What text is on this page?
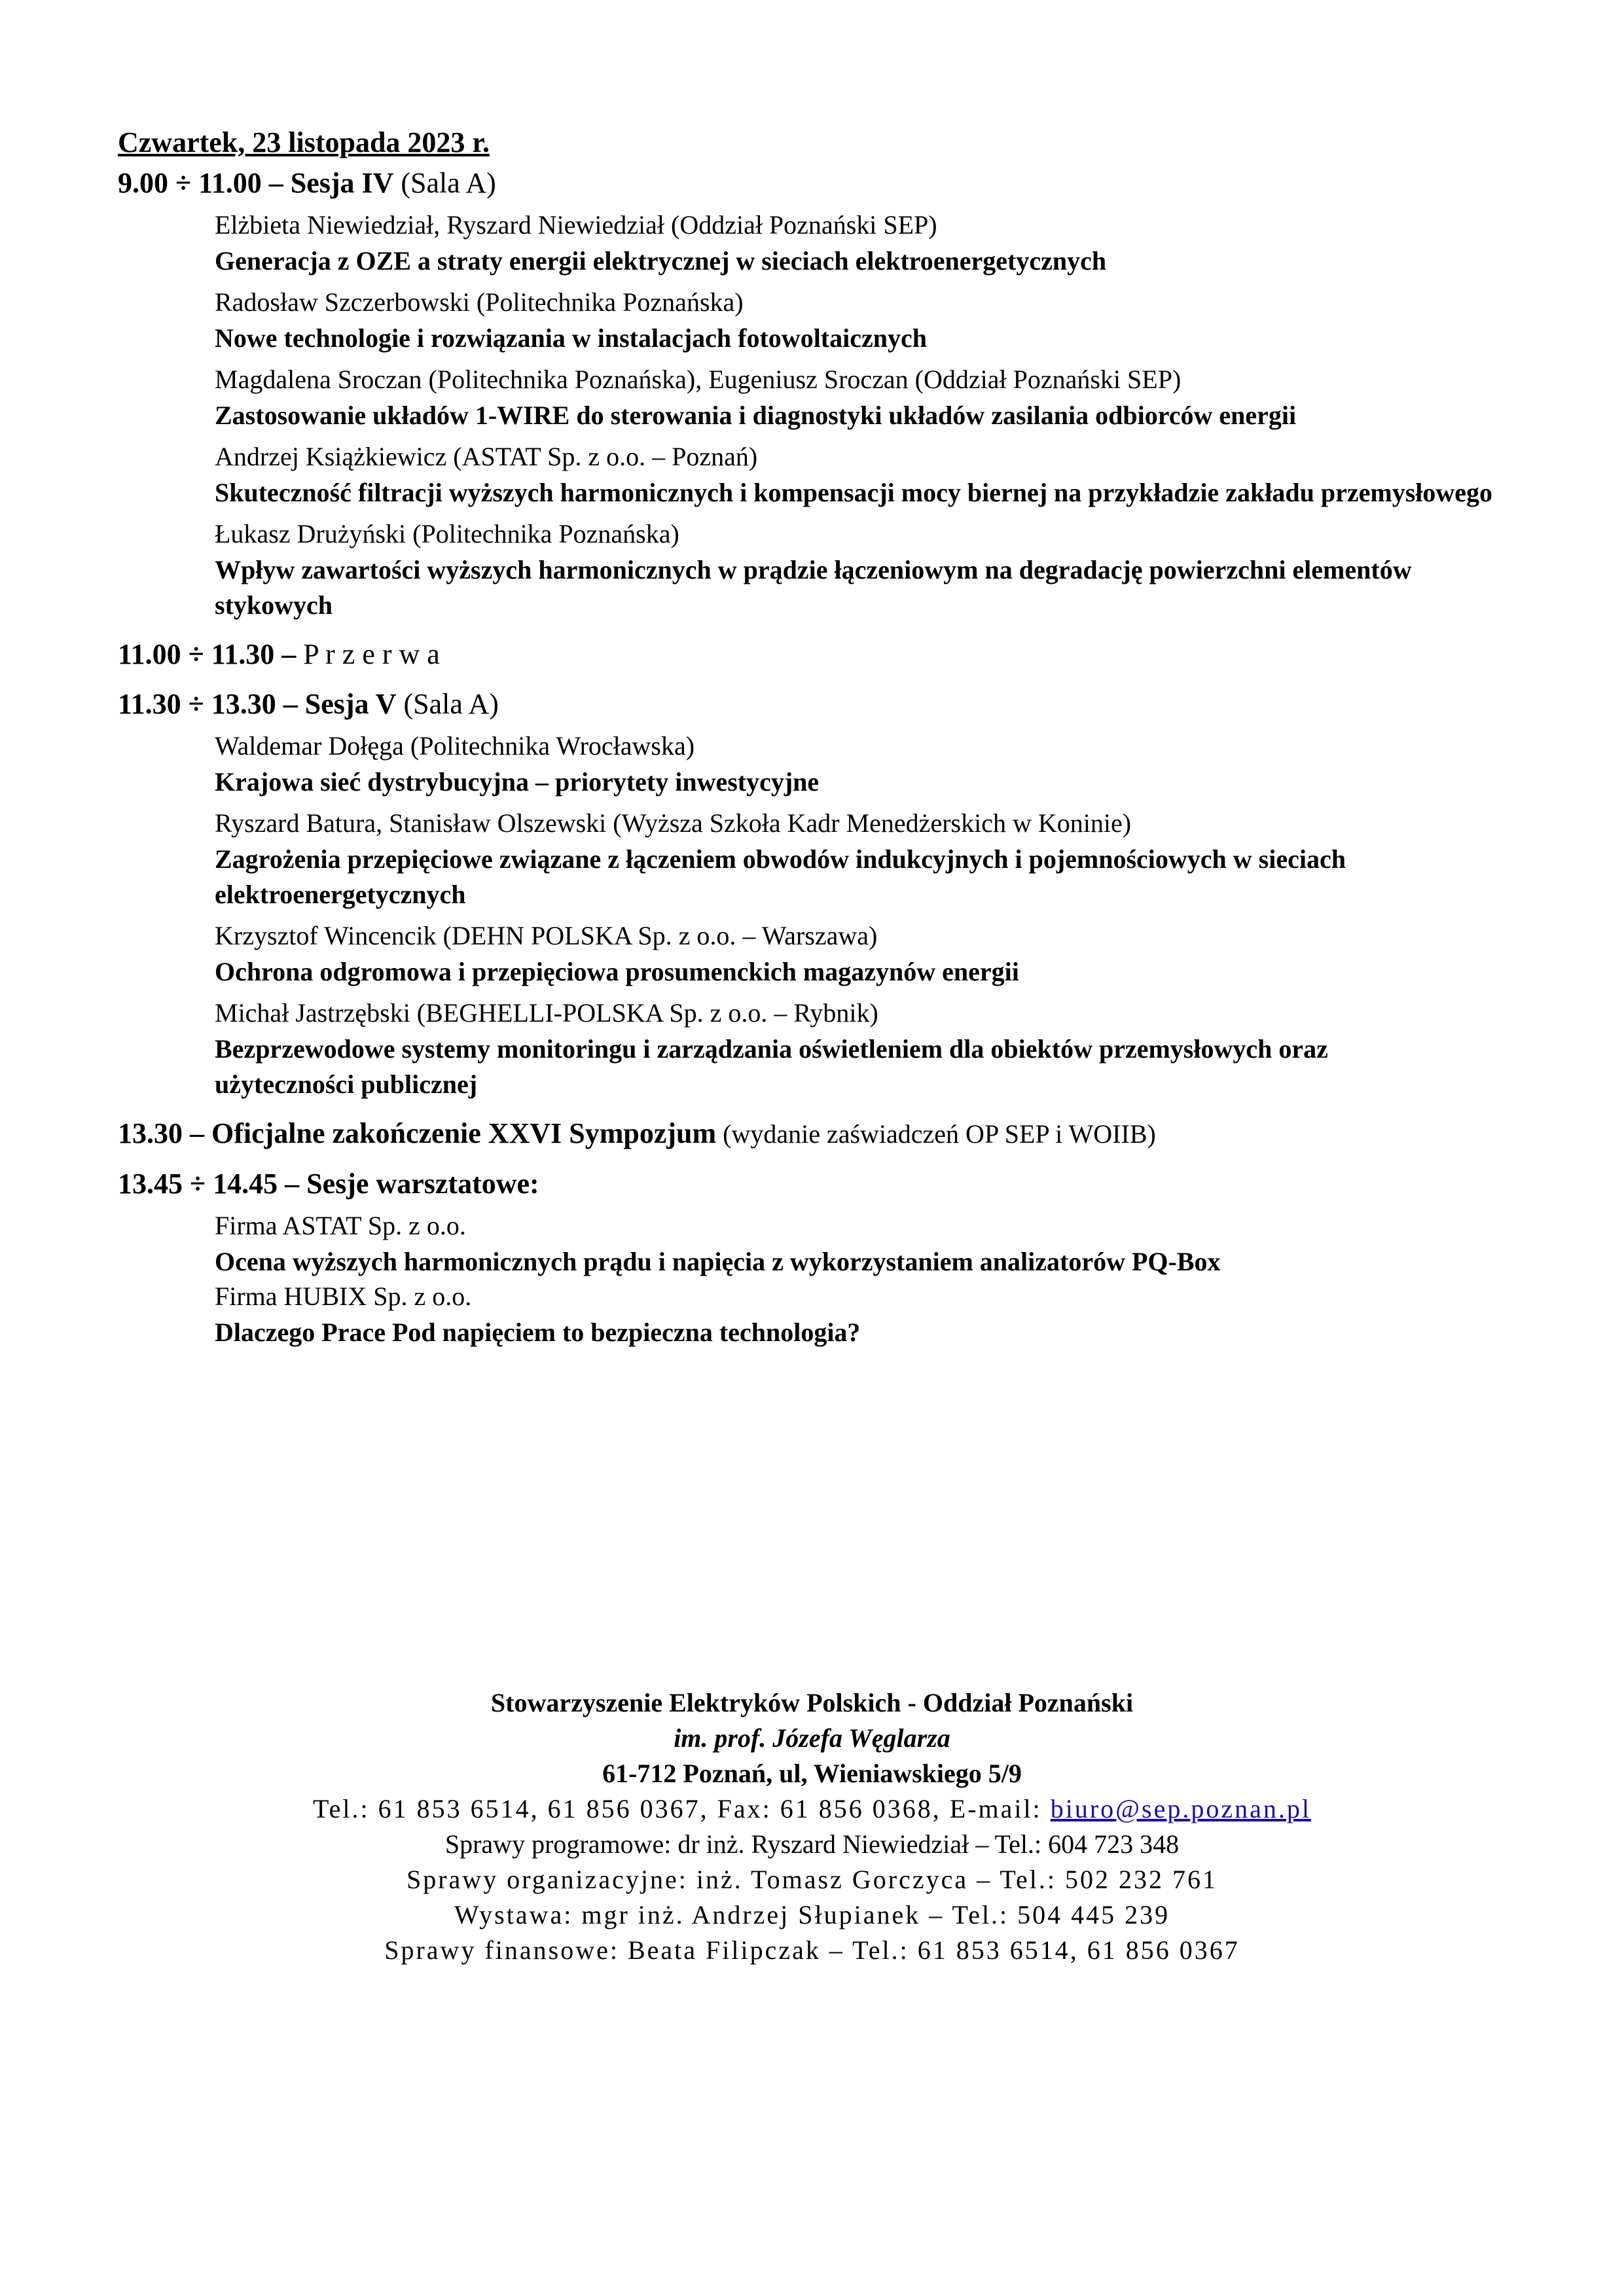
Czwartek, 23 listopada 2023 r.
9.00 ÷ 11.00 – Sesja IV (Sala A)
Elżbieta Niewiedział, Ryszard Niewiedział (Oddział Poznański SEP)
Generacja z OZE a straty energii elektrycznej w sieciach elektroenergetycznych
Radosław Szczerbowski (Politechnika Poznańska)
Nowe technologie i rozwiązania w instalacjach fotowoltaicznych
Magdalena Sroczan (Politechnika Poznańska), Eugeniusz Sroczan (Oddział Poznański SEP)
Zastosowanie układów 1-WIRE do sterowania i diagnostyki układów zasilania odbiorców energii
Andrzej Książkiewicz (ASTAT Sp. z o.o. – Poznań)
Skuteczność filtracji wyższych harmonicznych i kompensacji mocy biernej na przykładzie zakładu przemysłowego
Łukasz Drużyński (Politechnika Poznańska)
Wpływ zawartości wyższych harmonicznych w prądzie łączeniowym na degradację powierzchni elementów stykowych
11.00 ÷ 11.30 – P r z e r w a
11.30 ÷ 13.30 – Sesja V (Sala A)
Waldemar Dołęga (Politechnika Wrocławska)
Krajowa sieć dystrybucyjna – priorytety inwestycyjne
Ryszard Batura, Stanisław Olszewski (Wyższa Szkoła Kadr Menedżerskich w Koninie)
Zagrożenia przepięciowe związane z łączeniem obwodów indukcyjnych i pojemnościowych w sieciach elektroenergetycznych
Krzysztof Wincencik (DEHN POLSKA Sp. z o.o. – Warszawa)
Ochrona odgromowa i przepięciowa prosumenckich magazynów energii
Michał Jastrzębski (BEGHELLI-POLSKA Sp. z o.o. – Rybnik)
Bezprzewodowe systemy monitoringu i zarządzania oświetleniem dla obiektów przemysłowych oraz użyteczności publicznej
13.30 – Oficjalne zakończenie XXVI Sympozjum (wydanie zaświadczeń OP SEP i WOIIB)
13.45 ÷ 14.45 – Sesje warsztatowe:
Firma ASTAT Sp. z o.o.
Ocena wyższych harmonicznych prądu i napięcia z wykorzystaniem analizatorów PQ-Box
Firma HUBIX Sp. z o.o.
Dlaczego Prace Pod napięciem to bezpieczna technologia?
Stowarzyszenie Elektryków Polskich - Oddział Poznański
im. prof. Józefa Węglarza
61-712 Poznań, ul, Wieniawskiego 5/9
Tel.: 61 853 6514, 61 856 0367, Fax: 61 856 0368, E-mail: biuro@sep.poznan.pl
Sprawy programowe: dr inż. Ryszard Niewiedział – Tel.: 604 723 348
Sprawy organizacyjne: inż. Tomasz Gorczyca – Tel.: 502 232 761
Wystawa: mgr inż. Andrzej Słupianek – Tel.: 504 445 239
Sprawy finansowe: Beata Filipczak – Tel.: 61 853 6514, 61 856 0367
